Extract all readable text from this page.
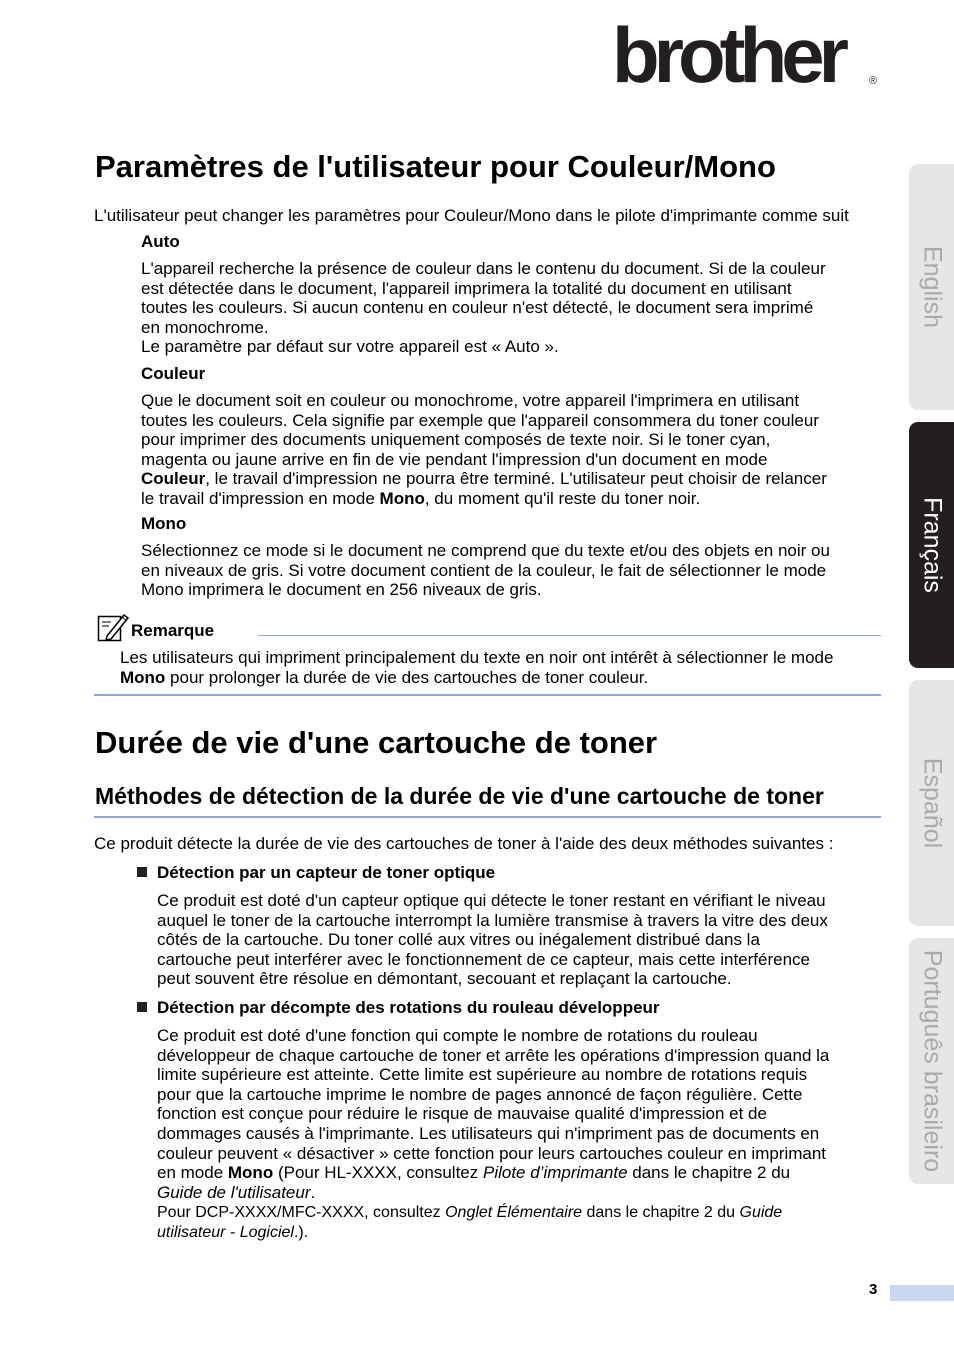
brother	®
Paramètres de l'utilisateur pour Couleur/Mono

L'utilisateur peut changer les paramètres pour Couleur/Mono dans le pilote d'imprimante comme suit

Auto

L'appareil recherche la présence de couleur dans le contenu du document. Si de la couleur

est détectée dans le document, l'appareil imprimera la totalité du document en utilisant

toutes les couleurs. Si aucun contenu en couleur n'est détecté, le document sera imprimé

en monochrome.

Le paramètre par défaut sur votre appareil est « Auto ».

Couleur

Que le document soit en couleur ou monochrome, votre appareil l'imprimera en utilisant

toutes les couleurs. Cela signifie par exemple que l'appareil consommera du toner couleur

pour imprimer des documents uniquement composés de texte noir. Si le toner cyan,

magenta ou jaune arrive en fin de vie pendant l'impression d'un document en mode

Couleur, le travail d'impression ne pourra être terminé. L'utilisateur peut choisir de relancer

le travail d'impression en mode Mono, du moment qu'il reste du toner noir.

Mono

Sélectionnez ce mode si le document ne comprend que du texte et/ou des objets en noir ou

en niveaux de gris. Si votre document contient de la couleur, le fait de sélectionner le mode

Mono imprimera le document en 256 niveaux de gris.

Remarque

Les utilisateurs qui impriment principalement du texte en noir ont intérêt à sélectionner le mode

Mono pour prolonger la durée de vie des cartouches de toner couleur.

Durée de vie d'une cartouche de toner
Méthodes de détection de la durée de vie d'une cartouche de toner

Ce produit détecte la durée de vie des cartouches de toner à l'aide des deux méthodes suivantes :

Détection par un capteur de toner optique

Ce produit est doté d'un capteur optique qui détecte le toner restant en vérifiant le niveau

auquel le toner de la cartouche interrompt la lumière transmise à travers la vitre des deux

côtés de la cartouche. Du toner collé aux vitres ou inégalement distribué dans la

cartouche peut interférer avec le fonctionnement de ce capteur, mais cette interférence

peut souvent être résolue en démontant, secouant et replaçant la cartouche.

Détection par décompte des rotations du rouleau développeur

Ce produit est doté d'une fonction qui compte le nombre de rotations du rouleau

développeur de chaque cartouche de toner et arrête les opérations d'impression quand la

limite supérieure est atteinte. Cette limite est supérieure au nombre de rotations requis

pour que la cartouche imprime le nombre de pages annoncé de façon régulière. Cette

fonction est conçue pour réduire le risque de mauvaise qualité d'impression et de

dommages causés à l'imprimante. Les utilisateurs qui n'impriment pas de documents en

couleur peuvent « désactiver » cette fonction pour leurs cartouches couleur en imprimant

en mode Mono (Pour HL-XXXX, consultez Pilote d’imprimante dans le chapitre 2 du

Guide de l'utilisateur.

Pour DCP-XXXX/MFC-XXXX, consultez Onglet Élémentaire dans le chapitre 2 du Guide

utilisateur - Logiciel.).

English
Français
Español
Português brasileiro

3
